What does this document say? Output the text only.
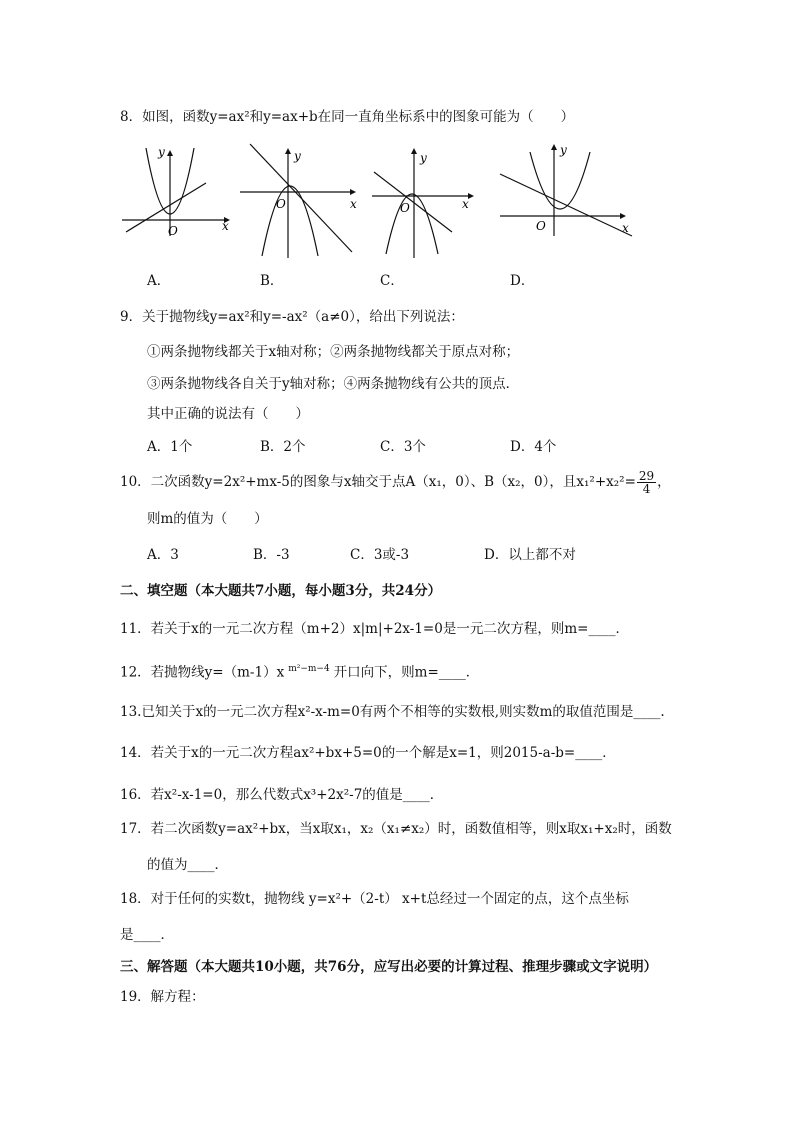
8．如图，函数y=ax²和y=ax+b在同一直角坐标系中的图象可能为（　　）
x
y
O
x
y
O	x
y
O
x
y
O
A．	B．	C．	D．
9．关于抛物线y=ax²和y=-ax²（a≠0），给出下列说法：
①两条抛物线都关于x轴对称；②两条抛物线都关于原点对称；
③两条抛物线各自关于y轴对称；④两条抛物线有公共的顶点．
其中正确的说法有（　　）
A．1个	B．2个	C．3个	D．4个
10．二次函数y=2x²+mx-5的图象与x轴交于点A（x₁，0）、B（x₂，0），且$x_1^2+x_2^2= \frac{29}{4}$ ，
则m的值为（　　）
A．3	B．-3	C．3或-3	D．以上都不对
二、填空题（本大题共7小题，每小题3分，共24分）
11．若关于x的一元二次方程（m+2）x|m|+2x-1=0是一元二次方程，则m=____．
12．若抛物线y=（m-1）x $^{m^2-m-4}$ 开口向下，则m=____．
13.已知关于x的一元二次方程x²-x-m=0有两个不相等的实数根,则实数m的取值范围是____.
14．若关于x的一元二次方程ax²+bx+5=0的一个解是x=1，则2015-a-b=____．
16．若x²-x-1=0，那么代数式x³+2x²-7的值是____．
17．若二次函数y=ax²+bx，当x取x₁，x₂（x₁≠x₂）时，函数值相等，则x取x₁+x₂时，函数
的值为____．
18．对于任何的实数t，抛物线 y=x²+（2-t） x+t总经过一个固定的点，这个点坐标
是____．
三、解答题（本大题共10小题，共76分，应写出必要的计算过程、推理步骤或文字说明）
19．解方程：
